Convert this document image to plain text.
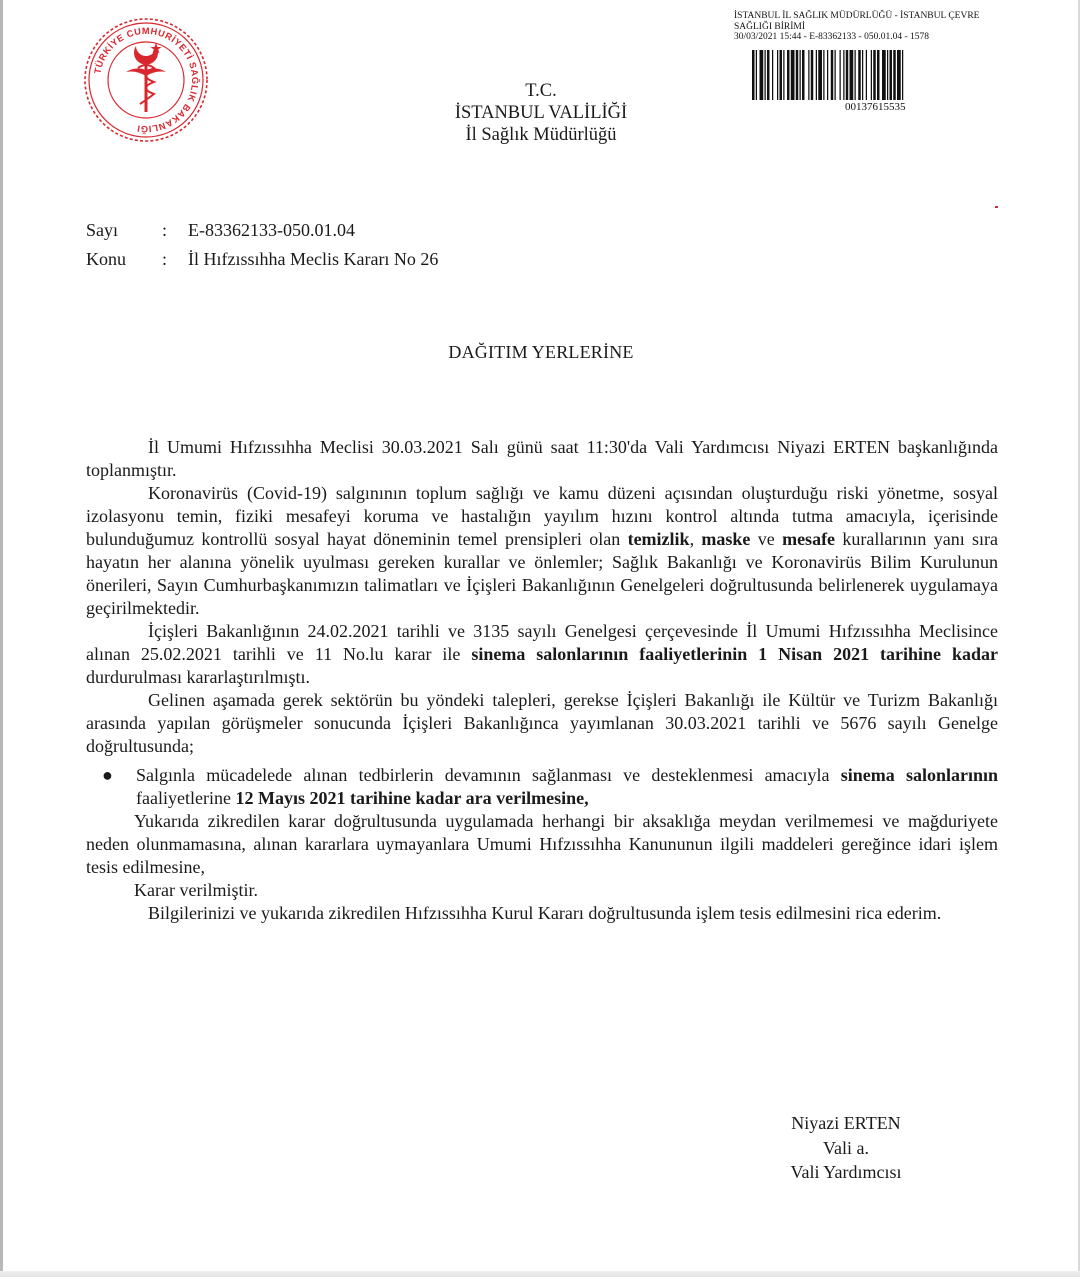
TÜRKİYE CUMHURİYETİ SAĞLIK BAKANLIĞI
İSTANBUL İL SAĞLIK MÜDÜRLÜĞÜ - İSTANBUL ÇEVRE
SAĞLIĞI BİRİMİ
30/03/2021 15:44 - E-83362133 - 050.01.04 - 1578
00137615535
T.C.
İSTANBUL VALİLİĞİ
İl Sağlık Müdürlüğü
Sayı : E-83362133-050.01.04
Konu : İl Hıfzıssıhha Meclis Kararı No 26
DAĞITIM YERLERİNE

İl Umumi Hıfzıssıhha Meclisi 30.03.2021 Salı günü saat 11:30'da Vali Yardımcısı Niyazi ERTEN başkanlığında toplanmıştır.

Koronavirüs (Covid-19) salgınının toplum sağlığı ve kamu düzeni açısından oluşturduğu riski yönetme, sosyal izolasyonu temin, fiziki mesafeyi koruma ve hastalığın yayılım hızını kontrol altında tutma amacıyla, içerisinde bulunduğumuz kontrollü sosyal hayat döneminin temel prensipleri olan temizlik, maske ve mesafe kurallarının yanı sıra hayatın her alanına yönelik uyulması gereken kurallar ve önlemler; Sağlık Bakanlığı ve Koronavirüs Bilim Kurulunun önerileri, Sayın Cumhurbaşkanımızın talimatları ve İçişleri Bakanlığının Genelgeleri doğrultusunda belirlenerek uygulamaya geçirilmektedir.

İçişleri Bakanlığının 24.02.2021 tarihli ve 3135 sayılı Genelgesi çerçevesinde İl Umumi Hıfzıssıhha Meclisince alınan 25.02.2021 tarihli ve 11 No.lu karar ile sinema salonlarının faaliyetlerinin 1 Nisan 2021 tarihine kadar durdurulması kararlaştırılmıştı.

Gelinen aşamada gerek sektörün bu yöndeki talepleri, gerekse İçişleri Bakanlığı ile Kültür ve Turizm Bakanlığı arasında yapılan görüşmeler sonucunda İçişleri Bakanlığınca yayımlanan 30.03.2021 tarihli ve 5676 sayılı Genelge doğrultusunda;

● Salgınla mücadelede alınan tedbirlerin devamının sağlanması ve desteklenmesi amacıyla sinema salonlarının faaliyetlerine 12 Mayıs 2021 tarihine kadar ara verilmesine,

Yukarıda zikredilen karar doğrultusunda uygulamada herhangi bir aksaklığa meydan verilmemesi ve mağduriyete neden olunmamasına, alınan kararlara uymayanlara Umumi Hıfzıssıhha Kanununun ilgili maddeleri gereğince idari işlem tesis edilmesine,

Karar verilmiştir.

Bilgilerinizi ve yukarıda zikredilen Hıfzıssıhha Kurul Kararı doğrultusunda işlem tesis edilmesini rica ederim.

Niyazi ERTEN
Vali a.
Vali Yardımcısı
